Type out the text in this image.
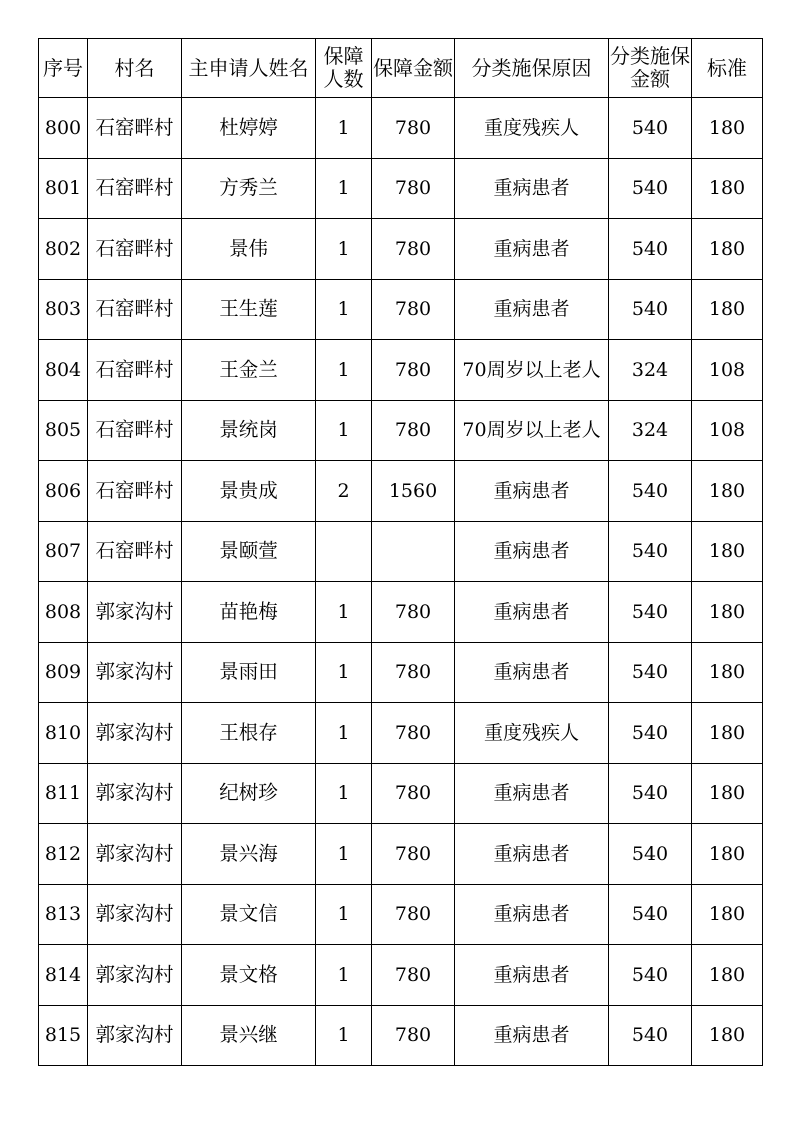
序号	村名	主申请人姓名	保障人数	保障金额	分类施保原因	分类施保金额	标准
800	石窑畔村	杜婷婷	1	780	重度残疾人	540	180
801	石窑畔村	方秀兰	1	780	重病患者	540	180
802	石窑畔村	景伟	1	780	重病患者	540	180
803	石窑畔村	王生莲	1	780	重病患者	540	180
804	石窑畔村	王金兰	1	780	70周岁以上老人	324	108
805	石窑畔村	景统岗	1	780	70周岁以上老人	324	108
806	石窑畔村	景贵成	2	1560	重病患者	540	180
807	石窑畔村	景颐萱			重病患者	540	180
808	郭家沟村	苗艳梅	1	780	重病患者	540	180
809	郭家沟村	景雨田	1	780	重病患者	540	180
810	郭家沟村	王根存	1	780	重度残疾人	540	180
811	郭家沟村	纪树珍	1	780	重病患者	540	180
812	郭家沟村	景兴海	1	780	重病患者	540	180
813	郭家沟村	景文信	1	780	重病患者	540	180
814	郭家沟村	景文格	1	780	重病患者	540	180
815	郭家沟村	景兴继	1	780	重病患者	540	180
